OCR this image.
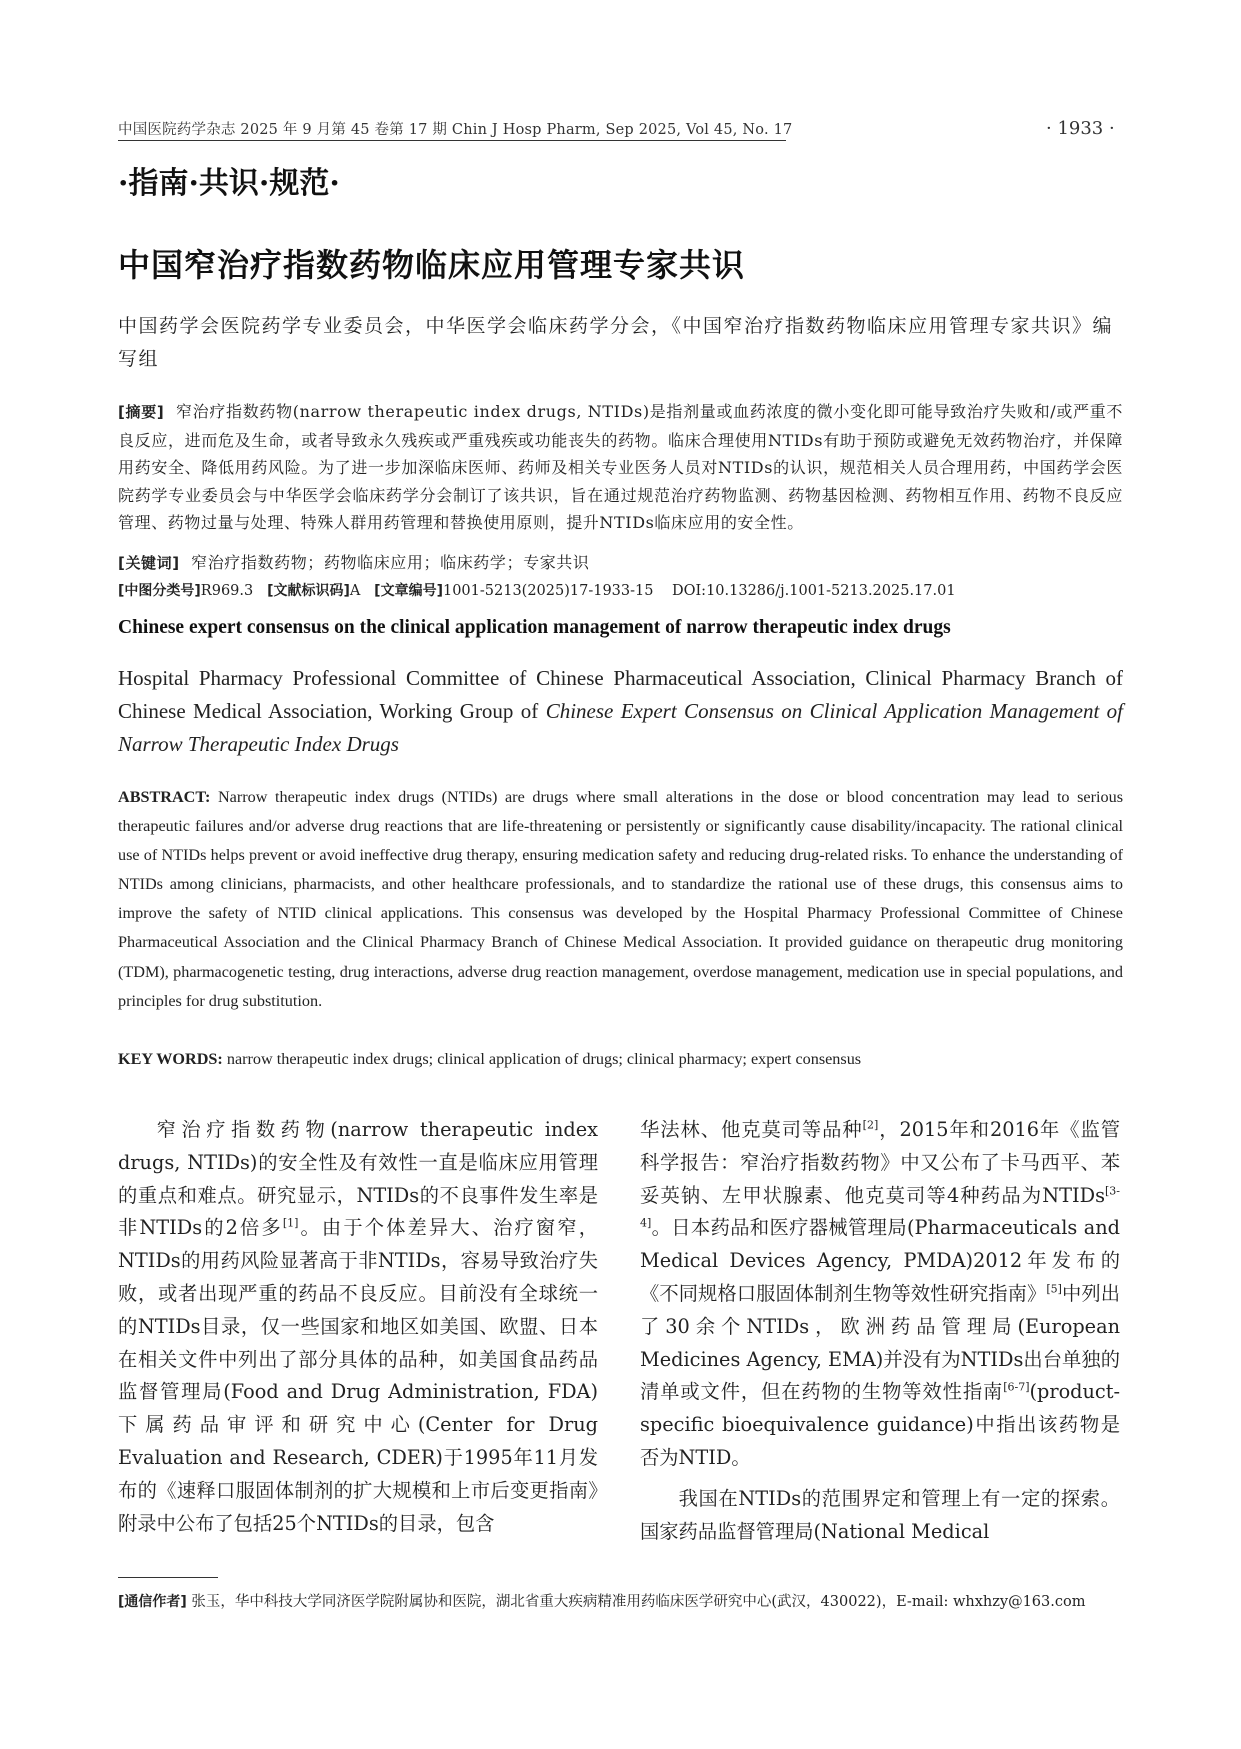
中国医院药学杂志 2025 年 9 月第 45 卷第 17 期 Chin J Hosp Pharm, Sep 2025, Vol 45, No. 17	· 1933 ·
·指南·共识·规范·
中国窄治疗指数药物临床应用管理专家共识
中国药学会医院药学专业委员会，中华医学会临床药学分会，《中国窄治疗指数药物临床应用管理专家共识》编写组
[摘要] 窄治疗指数药物(narrow therapeutic index drugs, NTIDs)是指剂量或血药浓度的微小变化即可能导致治疗失败和/或严重不良反应，进而危及生命，或者导致永久残疾或严重残疾或功能丧失的药物。临床合理使用NTIDs有助于预防或避免无效药物治疗，并保障用药安全、降低用药风险。为了进一步加深临床医师、药师及相关专业医务人员对NTIDs的认识，规范相关人员合理用药，中国药学会医院药学专业委员会与中华医学会临床药学分会制订了该共识，旨在通过规范治疗药物监测、药物基因检测、药物相互作用、药物不良反应管理、药物过量与处理、特殊人群用药管理和替换使用原则，提升NTIDs临床应用的安全性。
[关键词] 窄治疗指数药物；药物临床应用；临床药学；专家共识
[中图分类号]R969.3 [文献标识码]A [文章编号]1001-5213(2025)17-1933-15 DOI:10.13286/j.1001-5213.2025.17.01
Chinese expert consensus on the clinical application management of narrow therapeutic index drugs
Hospital Pharmacy Professional Committee of Chinese Pharmaceutical Association, Clinical Pharmacy Branch of Chinese Medical Association, Working Group of Chinese Expert Consensus on Clinical Application Management of Narrow Therapeutic Index Drugs
ABSTRACT: Narrow therapeutic index drugs (NTIDs) are drugs where small alterations in the dose or blood concentration may lead to serious therapeutic failures and/or adverse drug reactions that are life-threatening or persistently or significantly cause disability/incapacity. The rational clinical use of NTIDs helps prevent or avoid ineffective drug therapy, ensuring medication safety and reducing drug-related risks. To enhance the understanding of NTIDs among clinicians, pharmacists, and other healthcare professionals, and to standardize the rational use of these drugs, this consensus aims to improve the safety of NTID clinical applications. This consensus was developed by the Hospital Pharmacy Professional Committee of Chinese Pharmaceutical Association and the Clinical Pharmacy Branch of Chinese Medical Association. It provided guidance on therapeutic drug monitoring (TDM), pharmacogenetic testing, drug interactions, adverse drug reaction management, overdose management, medication use in special populations, and principles for drug substitution.
KEY WORDS: narrow therapeutic index drugs; clinical application of drugs; clinical pharmacy; expert consensus

窄治疗指数药物(narrow therapeutic index drugs, NTIDs)的安全性及有效性一直是临床应用管理的重点和难点。研究显示，NTIDs的不良事件发生率是非NTIDs的2倍多[1]。由于个体差异大、治疗窗窄，NTIDs的用药风险显著高于非NTIDs，容易导致治疗失败，或者出现严重的药品不良反应。目前没有全球统一的NTIDs目录，仅一些国家和地区如美国、欧盟、日本在相关文件中列出了部分具体的品种，如美国食品药品监督管理局(Food and Drug Administration, FDA)下属药品审评和研究中心(Center for Drug Evaluation and Research, CDER)于1995年11月发布的《速释口服固体制剂的扩大规模和上市后变更指南》附录中公布了包括25个NTIDs的目录，包含

华法林、他克莫司等品种[2]，2015年和2016年《监管科学报告：窄治疗指数药物》中又公布了卡马西平、苯妥英钠、左甲状腺素、他克莫司等4种药品为NTIDs[3-4]。日本药品和医疗器械管理局(Pharmaceuticals and Medical Devices Agency, PMDA)2012年发布的《不同规格口服固体制剂生物等效性研究指南》[5]中列出了30余个NTIDs，欧洲药品管理局(European Medicines Agency, EMA)并没有为NTIDs出台单独的清单或文件，但在药物的生物等效性指南[6-7](product-specific bioequivalence guidance)中指出该药物是否为NTID。

我国在NTIDs的范围界定和管理上有一定的探索。国家药品监督管理局(National Medical

[通信作者] 张玉，华中科技大学同济医学院附属协和医院，湖北省重大疾病精准用药临床医学研究中心(武汉，430022)，E-mail: whxhzy@163.com
